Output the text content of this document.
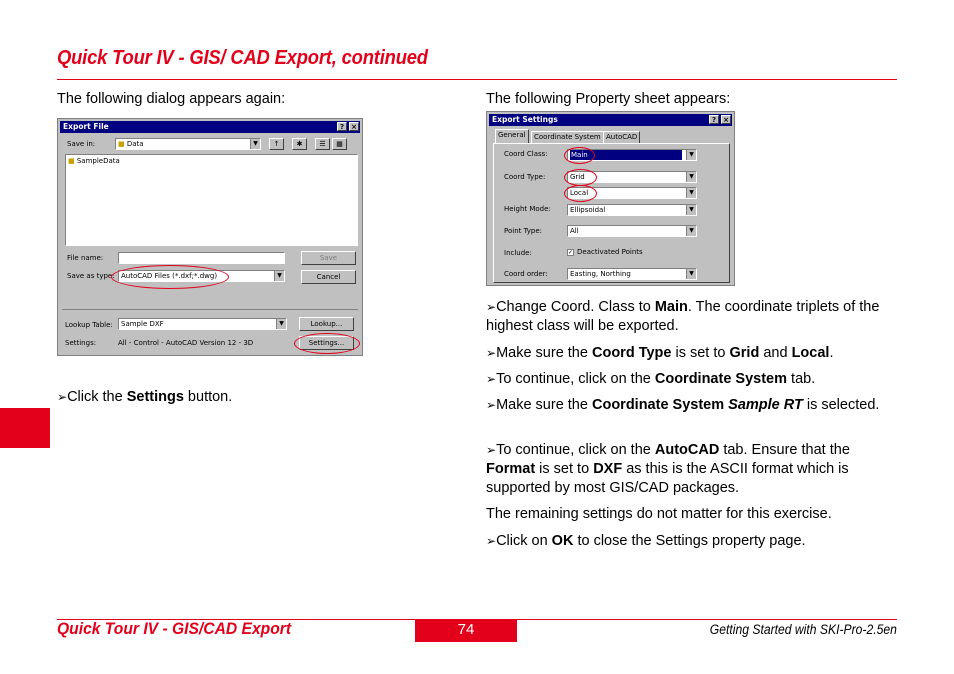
Quick Tour IV - GIS/ CAD Export, continued
The following dialog appears again:	The following Property sheet appears:
Export File	?	×
Save in:	■ Data	▼	↑	✱	☰	▦
■ SampleData
File name:	Save
Save as type: AutoCAD Files (*.dxf;*.dwg)	▼	Cancel
Lookup Table:	Sample DXF	▼	Lookup...
Settings:	All - Control - AutoCAD Version 12 - 3D	Settings...
➢Click the Settings button.
Export Settings	?	×
General	Coordinate System AutoCAD
Coord Class:	Main	▼
Coord Type:	Grid	▼
Local	▼
Height Mode:	Ellipsoidal	▼
Point Type:	All	▼
Include:	✓ Deactivated Points
Coord order:	Easting, Northing	▼
➢Change Coord. Class to Main. The coordinate triplets of the highest class will be exported.
➢Make sure the Coord Type is set to Grid and Local.
➢To continue, click on the Coordinate System tab.
➢Make sure the Coordinate System Sample RT is selected.
➢To continue, click on the AutoCAD tab. Ensure that the Format is set to DXF as this is the ASCII format which is supported by most GIS/CAD packages.
The remaining settings do not matter for this exercise.
➢Click on OK to close the Settings property page.
Quick Tour IV - GIS/CAD Export	74	Getting Started with SKI-Pro-2.5en
